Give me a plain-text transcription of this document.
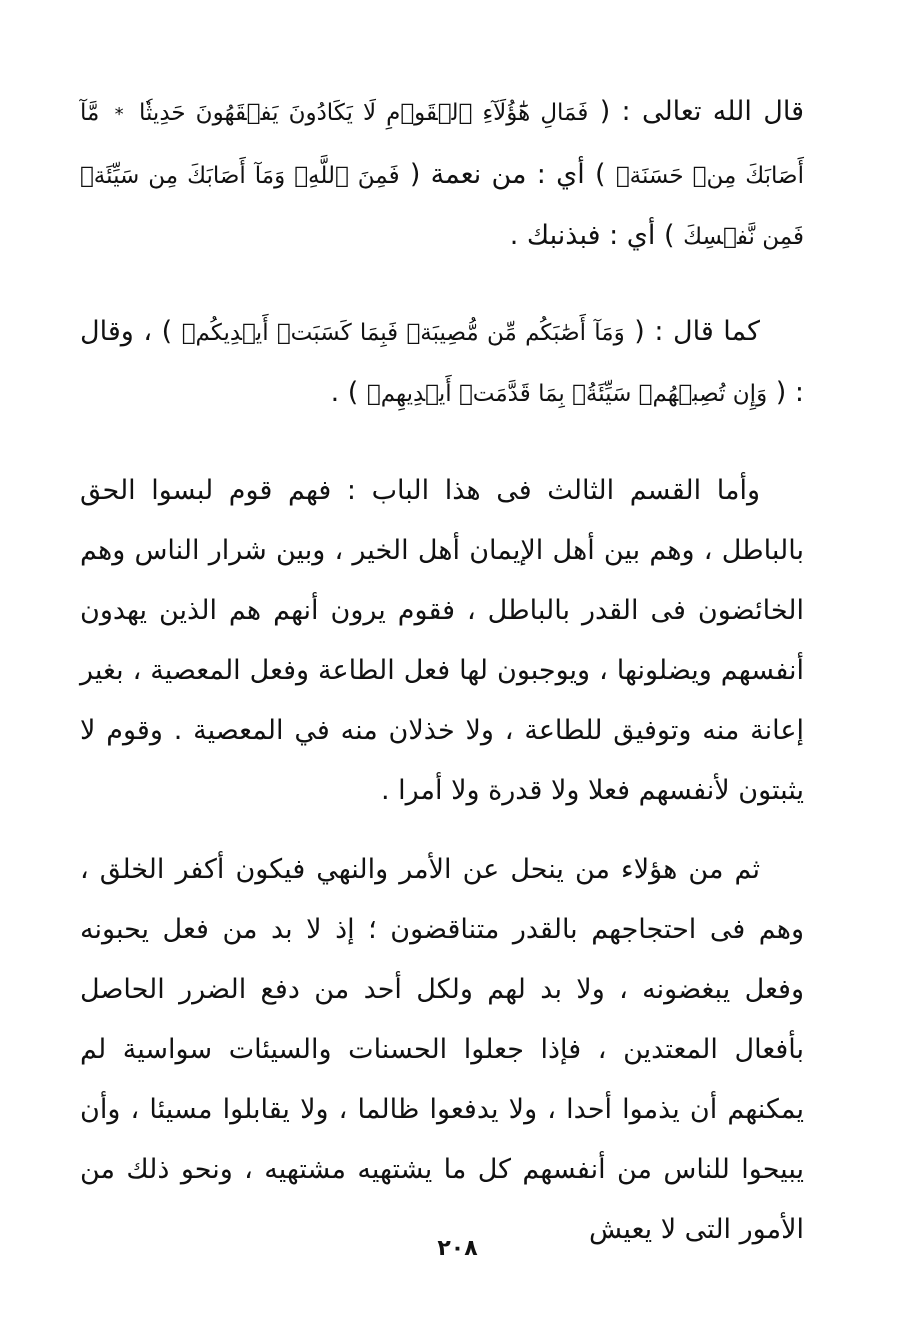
قال الله تعالى : ( فَمَالِ هَٰٓؤُلَآءِ ٱلۡقَوۡمِ لَا يَكَادُونَ يَفۡقَهُونَ حَدِيثٗا * مَّآ أَصَابَكَ مِنۡ حَسَنَةٖ ) أي : من نعمة ( فَمِنَ ٱللَّهِۖ وَمَآ أَصَابَكَ مِن سَيِّئَةٖ فَمِن نَّفۡسِكَ ) أي : فبذنبك .

كما قال : ( وَمَآ أَصَٰبَكُم مِّن مُّصِيبَةٖ فَبِمَا كَسَبَتۡ أَيۡدِيكُمۡ ) ، وقال : ( وَإِن تُصِبۡهُمۡ سَيِّئَةُۢ بِمَا قَدَّمَتۡ أَيۡدِيهِمۡ ) .

وأما القسم الثالث فى هذا الباب : فهم قوم لبسوا الحق بالباطل ، وهم بين أهل الإيمان أهل الخير ، وبين شرار الناس وهم الخائضون فى القدر بالباطل ، فقوم يرون أنهم هم الذين يهدون أنفسهم ويضلونها ، ويوجبون لها فعل الطاعة وفعل المعصية ، بغير إعانة منه وتوفيق للطاعة ، ولا خذلان منه في المعصية . وقوم لا يثبتون لأنفسهم فعلا ولا قدرة ولا أمرا .

ثم من هؤلاء من ينحل عن الأمر والنهي فيكون أكفر الخلق ، وهم فى احتجاجهم بالقدر متناقضون ؛ إذ لا بد من فعل يحبونه وفعل يبغضونه ، ولا بد لهم ولكل أحد من دفع الضرر الحاصل بأفعال المعتدين ، فإذا جعلوا الحسنات والسيئات سواسية لم يمكنهم أن يذموا أحدا ، ولا يدفعوا ظالما ، ولا يقابلوا مسيئا ، وأن يبيحوا للناس من أنفسهم كل ما يشتهيه مشتهيه ، ونحو ذلك من الأمور التى لا يعيش

٢٠٨
